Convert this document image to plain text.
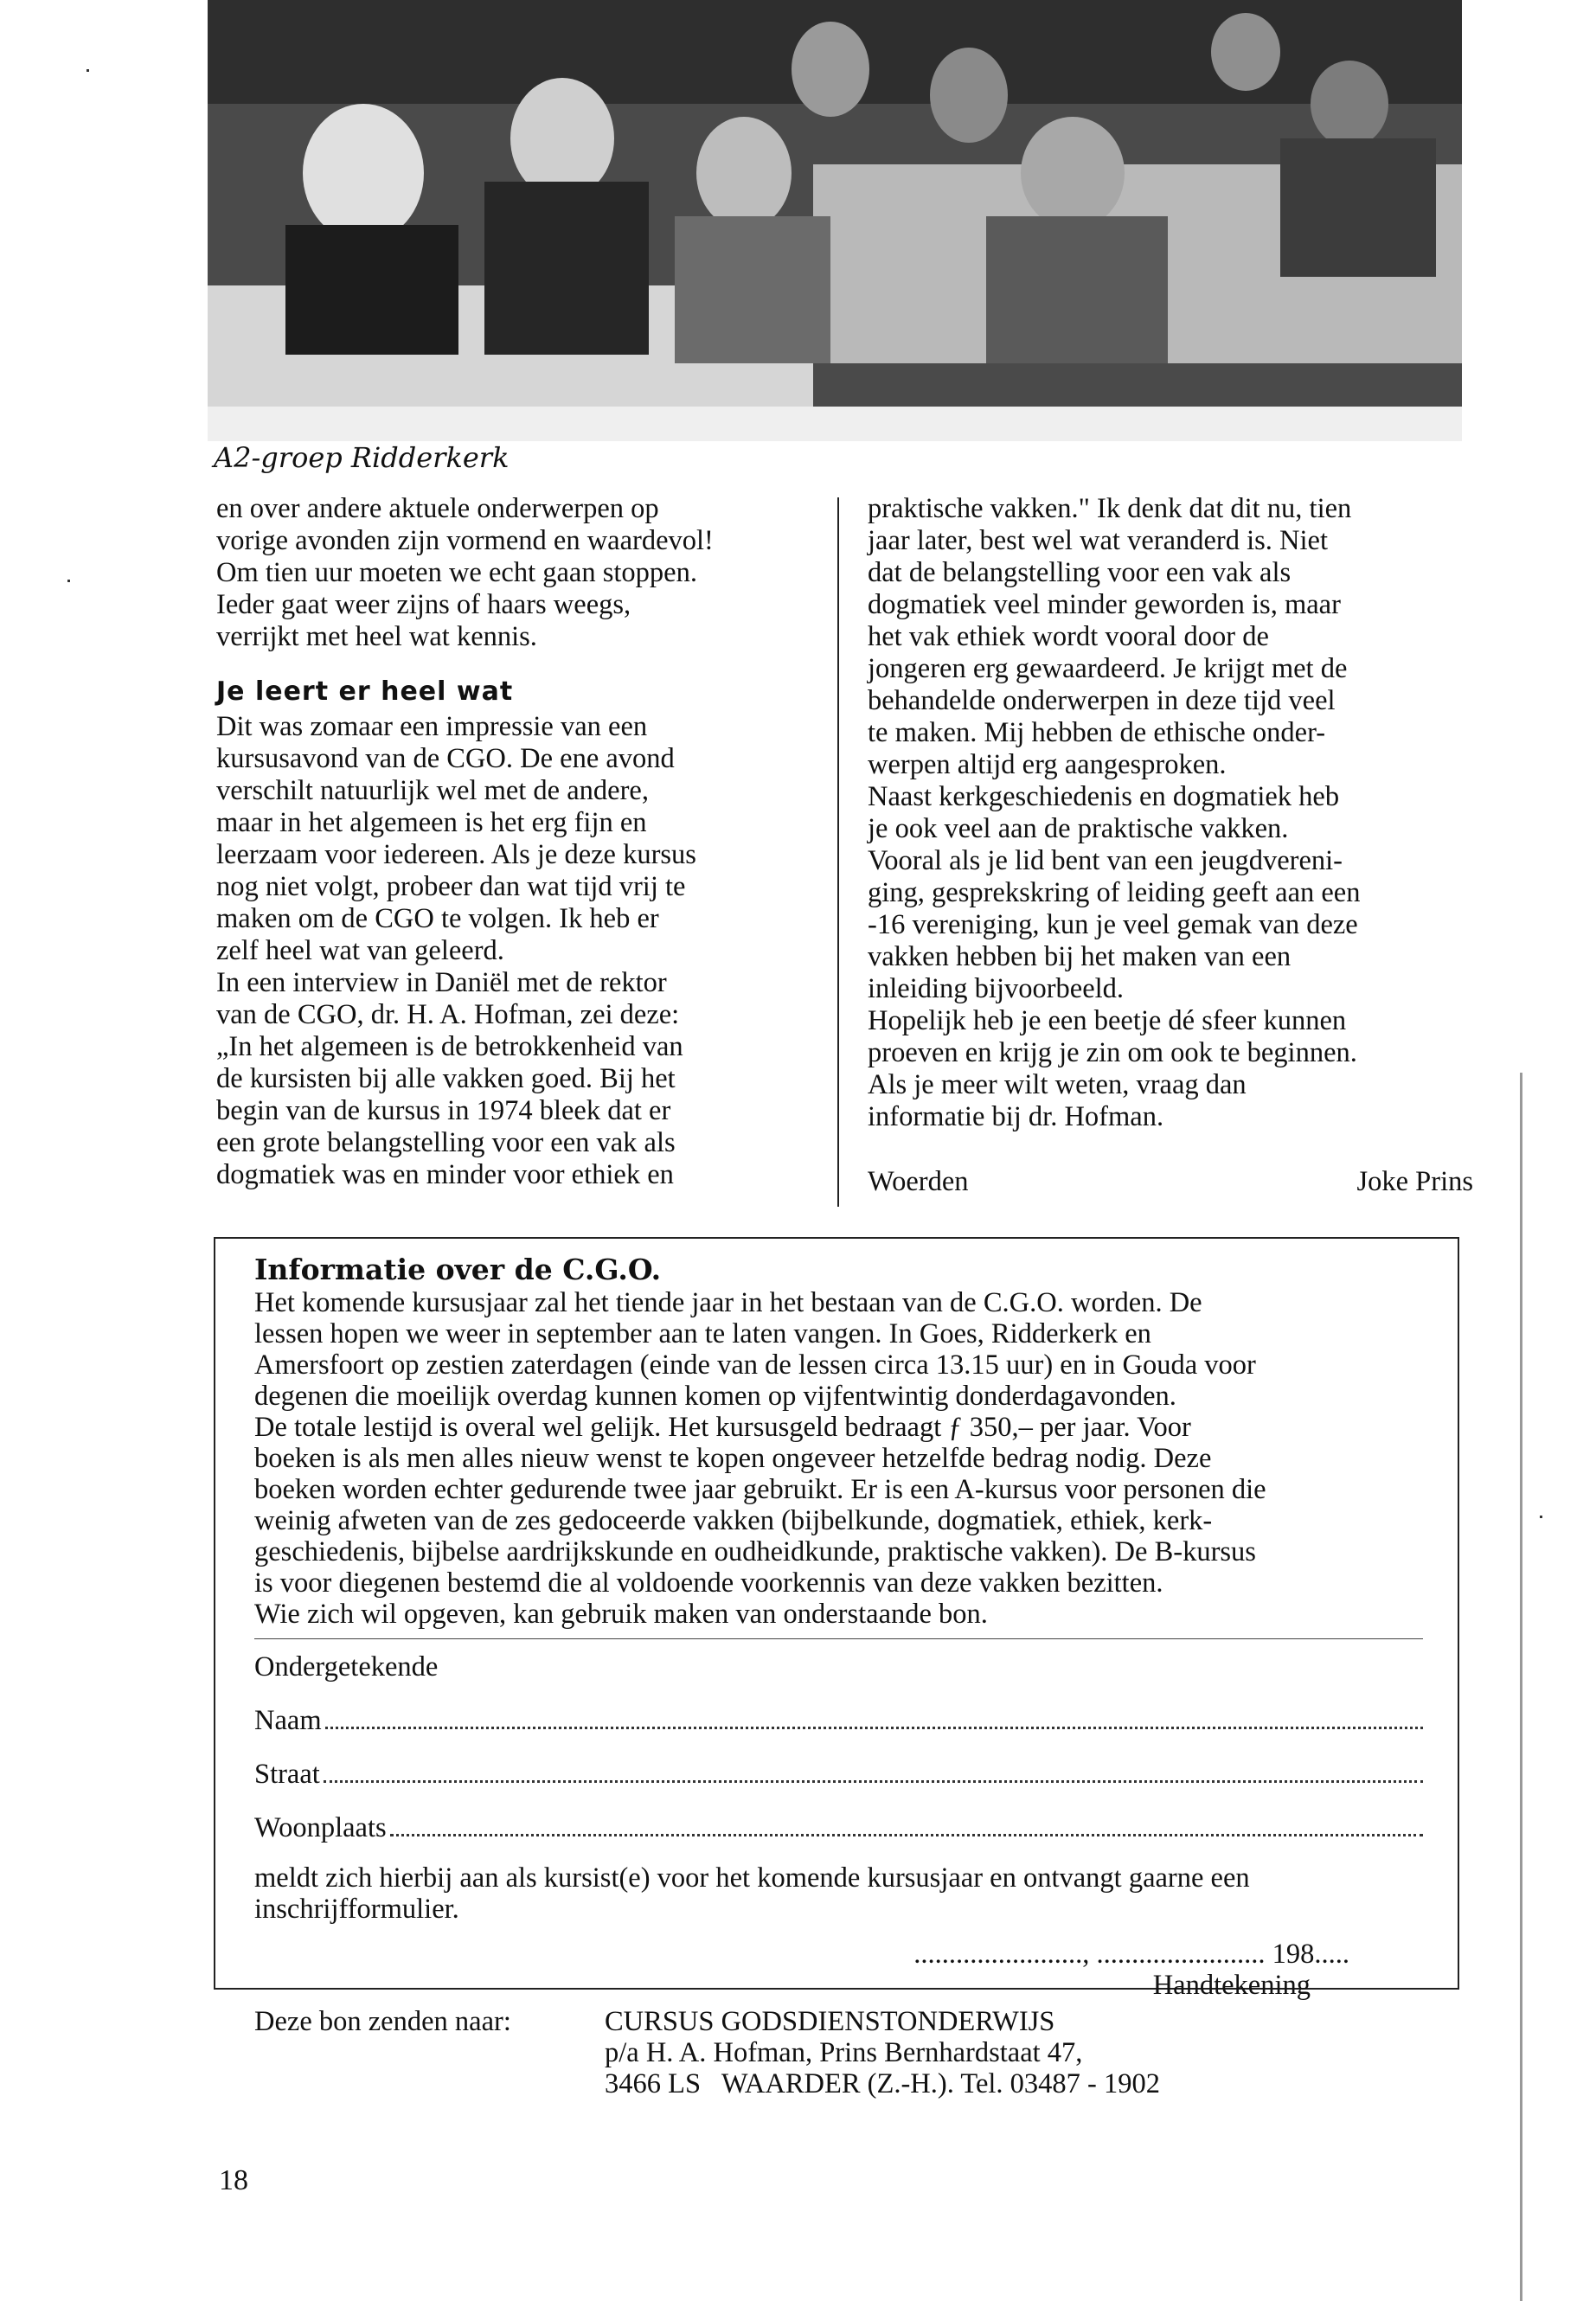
A2-groep Ridderkerk

en over andere aktuele onderwerpen op

vorige avonden zijn vormend en waardevol!

Om tien uur moeten we echt gaan stoppen.

Ieder gaat weer zijns of haars weegs,

verrijkt met heel wat kennis.

Je leert er heel wat

Dit was zomaar een impressie van een

kursusavond van de CGO. De ene avond

verschilt natuurlijk wel met de andere,

maar in het algemeen is het erg fijn en

leerzaam voor iedereen. Als je deze kursus

nog niet volgt, probeer dan wat tijd vrij te

maken om de CGO te volgen. Ik heb er

zelf heel wat van geleerd.

In een interview in Daniël met de rektor

van de CGO, dr. H. A. Hofman, zei deze:

„In het algemeen is de betrokkenheid van

de kursisten bij alle vakken goed. Bij het

begin van de kursus in 1974 bleek dat er

een grote belangstelling voor een vak als

dogmatiek was en minder voor ethiek en

praktische vakken." Ik denk dat dit nu, tien

jaar later, best wel wat veranderd is. Niet

dat de belangstelling voor een vak als

dogmatiek veel minder geworden is, maar

het vak ethiek wordt vooral door de

jongeren erg gewaardeerd. Je krijgt met de

behandelde onderwerpen in deze tijd veel

te maken. Mij hebben de ethische onder-

werpen altijd erg aangesproken.

Naast kerkgeschiedenis en dogmatiek heb

je ook veel aan de praktische vakken.

Vooral als je lid bent van een jeugdvereni-

ging, gesprekskring of leiding geeft aan een

-16 vereniging, kun je veel gemak van deze

vakken hebben bij het maken van een

inleiding bijvoorbeeld.

Hopelijk heb je een beetje dé sfeer kunnen

proeven en krijg je zin om ook te beginnen.

Als je meer wilt weten, vraag dan

informatie bij dr. Hofman.

Woerden	Joke Prins

Informatie over de C.G.O.

Het komende kursusjaar zal het tiende jaar in het bestaan van de C.G.O. worden. De

lessen hopen we weer in september aan te laten vangen. In Goes, Ridderkerk en

Amersfoort op zestien zaterdagen (einde van de lessen circa 13.15 uur) en in Gouda voor

degenen die moeilijk overdag kunnen komen op vijfentwintig donderdagavonden.

De totale lestijd is overal wel gelijk. Het kursusgeld bedraagt ƒ 350,– per jaar. Voor

boeken is als men alles nieuw wenst te kopen ongeveer hetzelfde bedrag nodig. Deze

boeken worden echter gedurende twee jaar gebruikt. Er is een A-kursus voor personen die

weinig afweten van de zes gedoceerde vakken (bijbelkunde, dogmatiek, ethiek, kerk-

geschiedenis, bijbelse aardrijkskunde en oudheidkunde, praktische vakken). De B-kursus

is voor diegenen bestemd die al voldoende voorkennis van deze vakken bezitten.

Wie zich wil opgeven, kan gebruik maken van onderstaande bon.

Ondergetekende

Naam
Straat
Woonplaats

meldt zich hierbij aan als kursist(e) voor het komende kursusjaar en ontvangt gaarne een

inschrijfformulier.

........................, ........................ 198.....

Handtekening

Deze bon zenden naar:	CURSUS GODSDIENSTONDERWIJS

p/a H. A. Hofman, Prins Bernhardstaat 47,

3466 LS   WAARDER (Z.-H.). Tel. 03487 - 1902

18
